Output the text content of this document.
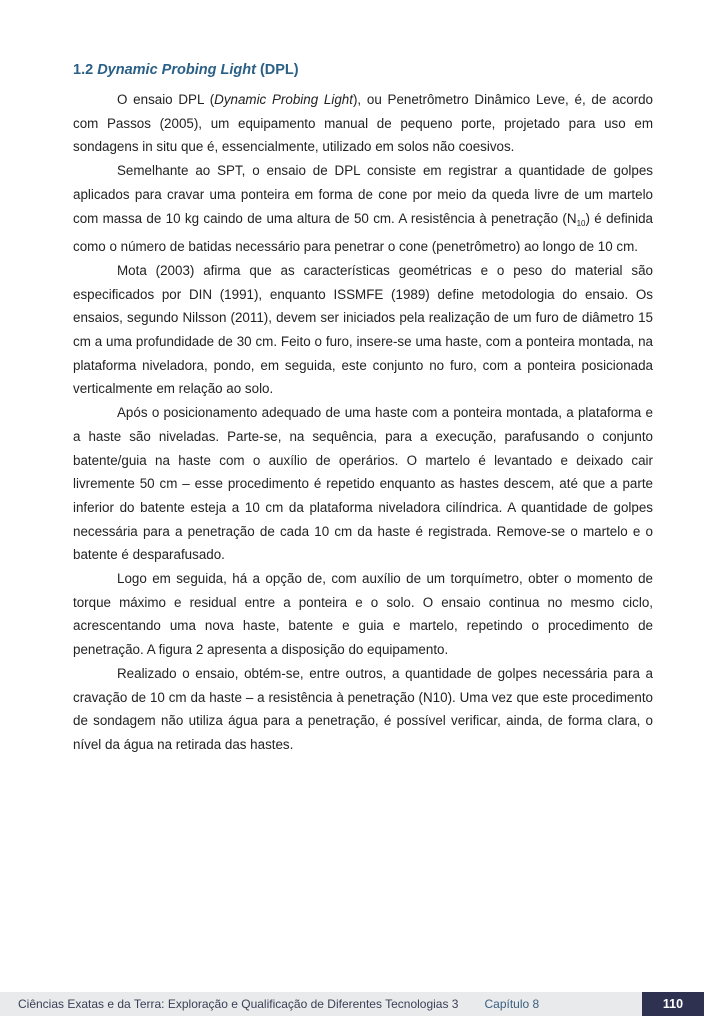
1.2 Dynamic Probing Light (DPL)

O ensaio DPL (Dynamic Probing Light), ou Penetrômetro Dinâmico Leve, é, de acordo com Passos (2005), um equipamento manual de pequeno porte, projetado para uso em sondagens in situ que é, essencialmente, utilizado em solos não coesivos.

Semelhante ao SPT, o ensaio de DPL consiste em registrar a quantidade de golpes aplicados para cravar uma ponteira em forma de cone por meio da queda livre de um martelo com massa de 10 kg caindo de uma altura de 50 cm. A resistência à penetração $(N_{10})$ é definida como o número de batidas necessário para penetrar o cone (penetrômetro) ao longo de 10 cm.

Mota (2003) afirma que as características geométricas e o peso do material são especificados por DIN (1991), enquanto ISSMFE (1989) define metodologia do ensaio. Os ensaios, segundo Nilsson (2011), devem ser iniciados pela realização de um furo de diâmetro 15 cm a uma profundidade de 30 cm. Feito o furo, insere-se uma haste, com a ponteira montada, na plataforma niveladora, pondo, em seguida, este conjunto no furo, com a ponteira posicionada verticalmente em relação ao solo.

Após o posicionamento adequado de uma haste com a ponteira montada, a plataforma e a haste são niveladas. Parte-se, na sequência, para a execução, parafusando o conjunto batente/guia na haste com o auxílio de operários. O martelo é levantado e deixado cair livremente 50 cm – esse procedimento é repetido enquanto as hastes descem, até que a parte inferior do batente esteja a 10 cm da plataforma niveladora cilíndrica. A quantidade de golpes necessária para a penetração de cada 10 cm da haste é registrada. Remove-se o martelo e o batente é desparafusado.

Logo em seguida, há a opção de, com auxílio de um torquímetro, obter o momento de torque máximo e residual entre a ponteira e o solo. O ensaio continua no mesmo ciclo, acrescentando uma nova haste, batente e guia e martelo, repetindo o procedimento de penetração. A figura 2 apresenta a disposição do equipamento.

Realizado o ensaio, obtém-se, entre outros, a quantidade de golpes necessária para a cravação de 10 cm da haste – a resistência à penetração (N10). Uma vez que este procedimento de sondagem não utiliza água para a penetração, é possível verificar, ainda, de forma clara, o nível da água na retirada das hastes.

Ciências Exatas e da Terra: Exploração e Qualificação de Diferentes Tecnologias 3 Capítulo 8	110
